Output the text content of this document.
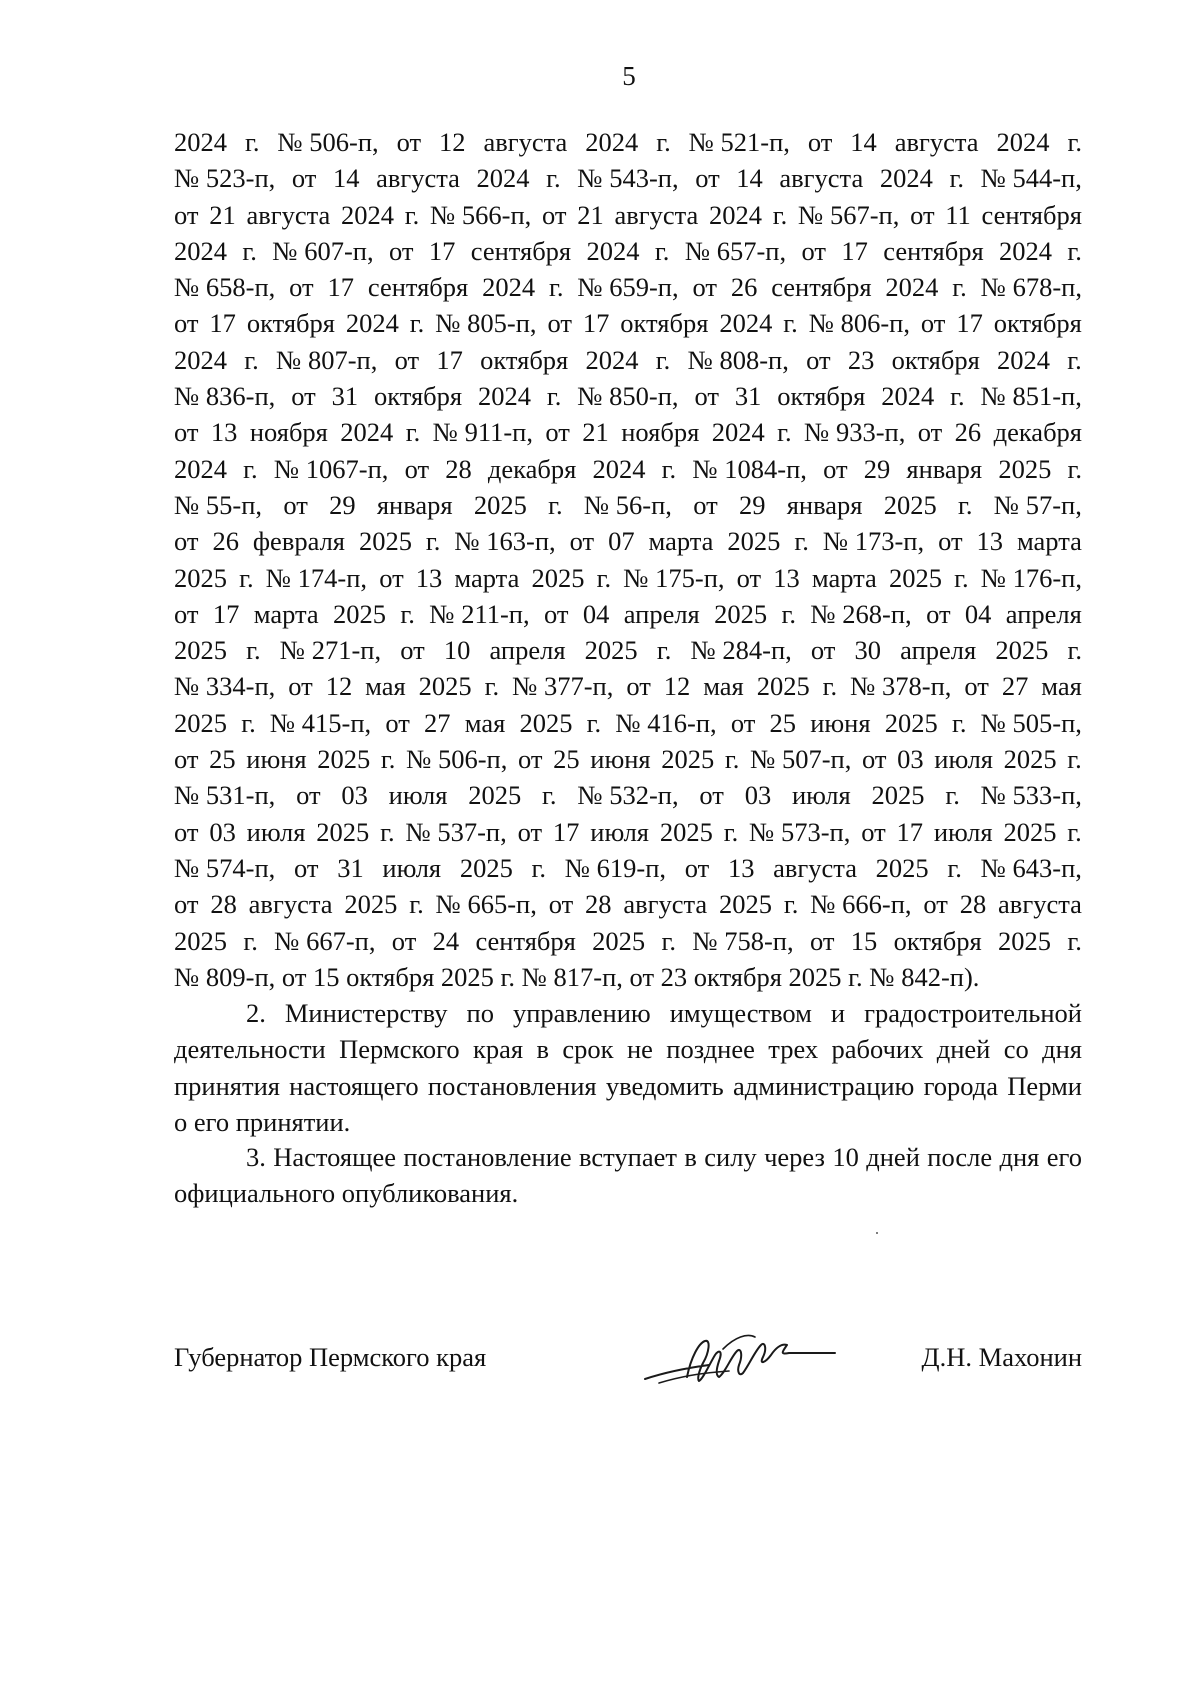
5
2024 г. № 506-п, от 12 августа 2024 г. № 521-п, от 14 августа 2024 г.
№ 523-п, от 14 августа 2024 г. № 543-п, от 14 августа 2024 г. № 544-п,
от 21 августа 2024 г. № 566-п, от 21 августа 2024 г. № 567-п, от 11 сентября
2024 г. № 607-п, от 17 сентября 2024 г. № 657-п, от 17 сентября 2024 г.
№ 658-п, от 17 сентября 2024 г. № 659-п, от 26 сентября 2024 г. № 678-п,
от 17 октября 2024 г. № 805-п, от 17 октября 2024 г. № 806-п, от 17 октября
2024 г. № 807-п, от 17 октября 2024 г. № 808-п, от 23 октября 2024 г.
№ 836-п, от 31 октября 2024 г. № 850-п, от 31 октября 2024 г. № 851-п,
от 13 ноября 2024 г. № 911-п, от 21 ноября 2024 г. № 933-п, от 26 декабря
2024 г. № 1067-п, от 28 декабря 2024 г. № 1084-п, от 29 января 2025 г.
№ 55-п, от 29 января 2025 г. № 56-п, от 29 января 2025 г. № 57-п,
от 26 февраля 2025 г. № 163-п, от 07 марта 2025 г. № 173-п, от 13 марта
2025 г. № 174-п, от 13 марта 2025 г. № 175-п, от 13 марта 2025 г. № 176-п,
от 17 марта 2025 г. № 211-п, от 04 апреля 2025 г. № 268-п, от 04 апреля
2025 г. № 271-п, от 10 апреля 2025 г. № 284-п, от 30 апреля 2025 г.
№ 334-п, от 12 мая 2025 г. № 377-п, от 12 мая 2025 г. № 378-п, от 27 мая
2025 г. № 415-п, от 27 мая 2025 г. № 416-п, от 25 июня 2025 г. № 505-п,
от 25 июня 2025 г. № 506-п, от 25 июня 2025 г. № 507-п, от 03 июля 2025 г.
№ 531-п, от 03 июля 2025 г. № 532-п, от 03 июля 2025 г. № 533-п,
от 03 июля 2025 г. № 537-п, от 17 июля 2025 г. № 573-п, от 17 июля 2025 г.
№ 574-п, от 31 июля 2025 г. № 619-п, от 13 августа 2025 г. № 643-п,
от 28 августа 2025 г. № 665-п, от 28 августа 2025 г. № 666-п, от 28 августа
2025 г. № 667-п, от 24 сентября 2025 г. № 758-п, от 15 октября 2025 г.
№ 809-п, от 15 октября 2025 г. № 817-п, от 23 октября 2025 г. № 842-п).
2. Министерству по управлению имуществом и градостроительной деятельности Пермского края в срок не позднее трех рабочих дней со дня принятия настоящего постановления уведомить администрацию города Перми о его принятии.
3. Настоящее постановление вступает в силу через 10 дней после дня его официального опубликования.
Губернатор Пермского края	Д.Н. Махонин
